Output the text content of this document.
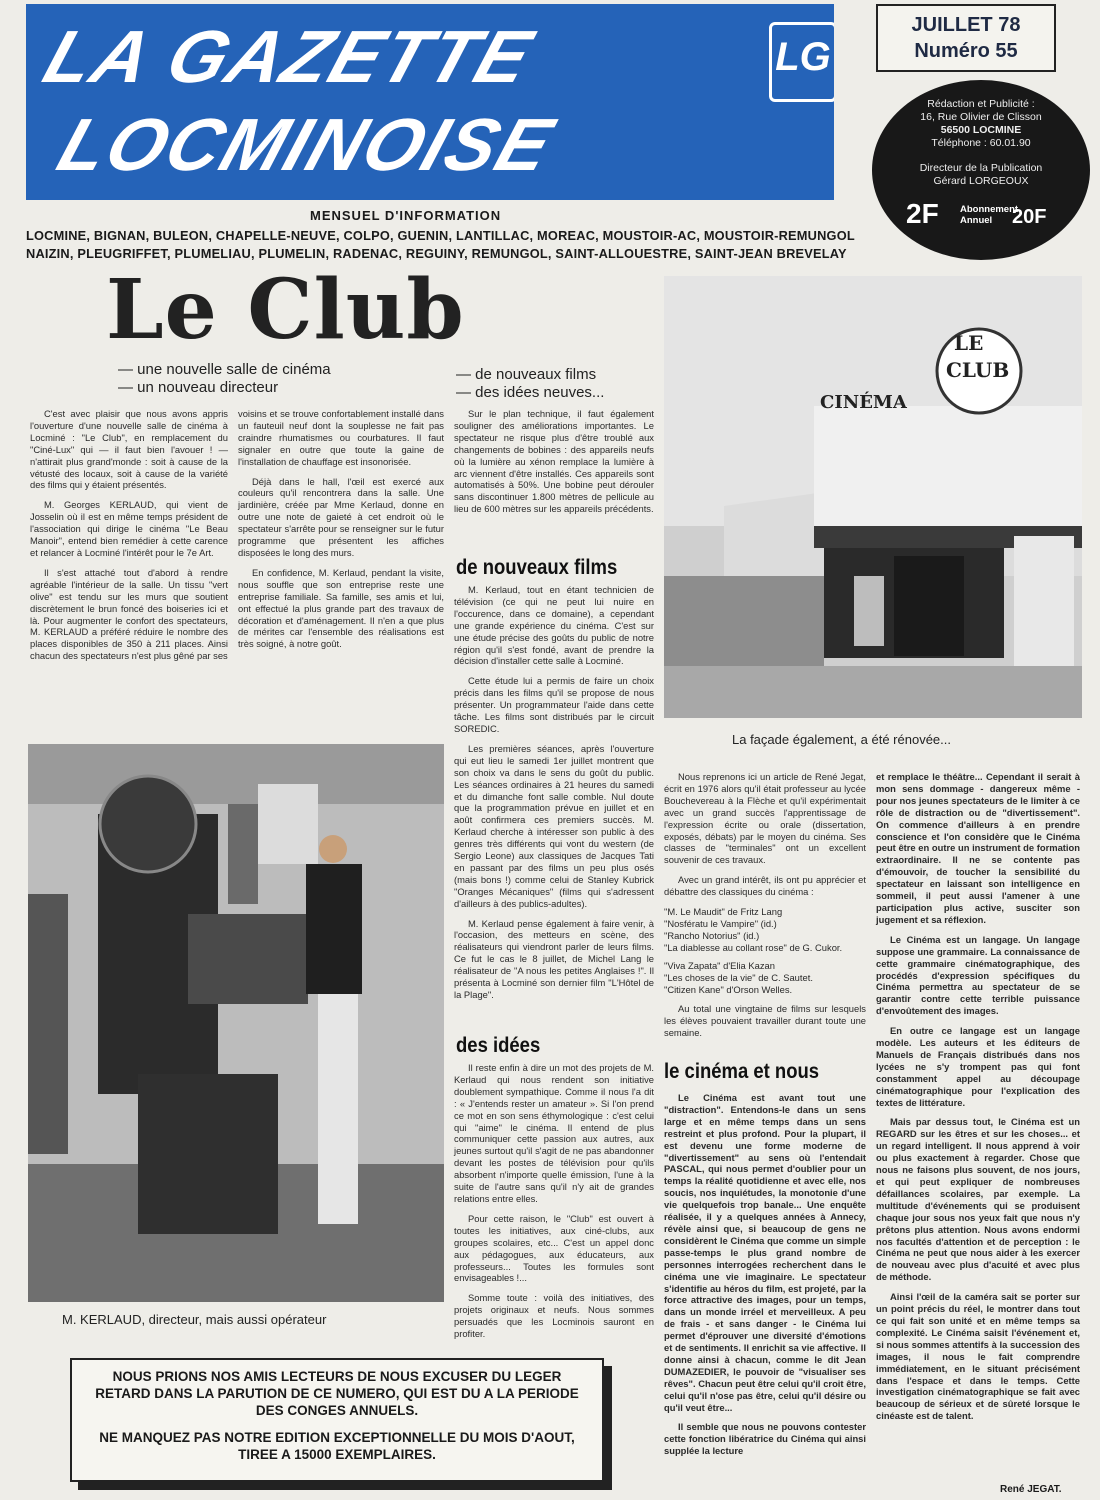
LA GAZETTE
LOCMINOISE
LG
JUILLET 78
Numéro 55
Rédaction et Publicité :
16, Rue Olivier de Clisson
56500 LOCMINE
Téléphone : 60.01.90
Directeur de la Publication
Gérard LORGEOUX
2F Abonnement Annuel 20F
MENSUEL D'INFORMATION
LOCMINE, BIGNAN, BULEON, CHAPELLE-NEUVE, COLPO, GUENIN, LANTILLAC, MOREAC, MOUSTOIR-AC, MOUSTOIR-REMUNGOL
NAIZIN, PLEUGRIFFET, PLUMELIAU, PLUMELIN, RADENAC, REGUINY, REMUNGOL, SAINT-ALLOUESTRE, SAINT-JEAN BREVELAY
Le Club
— une nouvelle salle de cinéma
— un nouveau directeur
— de nouveaux films
— des idées neuves...

C'est avec plaisir que nous avons appris l'ouverture d'une nouvelle salle de cinéma à Locminé : "Le Club", en remplacement du "Ciné-Lux" qui — il faut bien l'avouer ! — n'attirait plus grand'monde : soit à cause de la vétusté des locaux, soit à cause de la variété des films qui y étaient présentés.

M. Georges KERLAUD, qui vient de Josselin où il est en même temps président de l'association qui dirige le cinéma "Le Beau Manoir", entend bien remédier à cette carence et relancer à Locminé l'intérêt pour le 7e Art.

Il s'est attaché tout d'abord à rendre agréable l'intérieur de la salle. Un tissu "vert olive" est tendu sur les murs que soutient discrètement le brun foncé des boiseries ici et là. Pour augmenter le confort des spectateurs, M. KERLAUD a préféré réduire le nombre des places disponibles de 350 à 211 places. Ainsi chacun des spectateurs n'est plus gêné par ses

voisins et se trouve confortablement installé dans un fauteuil neuf dont la souplesse ne fait pas craindre rhumatismes ou courbatures. Il faut signaler en outre que toute la gaine de l'installation de chauffage est insonorisée.

Déjà dans le hall, l'œil est exercé aux couleurs qu'il rencontrera dans la salle. Une jardinière, créée par Mme Kerlaud, donne en outre une note de gaieté à cet endroit où le spectateur s'arrête pour se renseigner sur le futur programme que présentent les affiches disposées le long des murs.

En confidence, M. Kerlaud, pendant la visite, nous souffle que son entreprise reste une entreprise familiale. Sa famille, ses amis et lui, ont effectué la plus grande part des travaux de décoration et d'aménagement. Il n'en a que plus de mérites car l'ensemble des réalisations est très soigné, à notre goût.

Sur le plan technique, il faut également souligner des améliorations importantes. Le spectateur ne risque plus d'être troublé aux changements de bobines : des appareils neufs où la lumière au xénon remplace la lumière à arc viennent d'être installés. Ces appareils sont automatisés à 50%. Une bobine peut dérouler sans discontinuer 1.800 mètres de pellicule au lieu de 600 mètres sur les appareils précédents.

de nouveaux films

M. Kerlaud, tout en étant technicien de télévision (ce qui ne peut lui nuire en l'occurence, dans ce domaine), a cependant une grande expérience du cinéma. C'est sur une étude précise des goûts du public de notre région qu'il s'est fondé, avant de prendre la décision d'installer cette salle à Locminé.

Cette étude lui a permis de faire un choix précis dans les films qu'il se propose de nous présenter. Un programmateur l'aide dans cette tâche. Les films sont distribués par le circuit SOREDIC.

Les premières séances, après l'ouverture qui eut lieu le samedi 1er juillet montrent que son choix va dans le sens du goût du public. Les séances ordinaires à 21 heures du samedi et du dimanche font salle comble. Nul doute que la programmation prévue en juillet et en août confirmera ces premiers succès. M. Kerlaud cherche à intéresser son public à des genres très différents qui vont du western (de Sergio Leone) aux classiques de Jacques Tati en passant par des films un peu plus osés (mais bons !) comme celui de Stanley Kubrick "Oranges Mécaniques" (films qui s'adressent d'ailleurs à des publics-adultes).

M. Kerlaud pense également à faire venir, à l'occasion, des metteurs en scène, des réalisateurs qui viendront parler de leurs films. Ce fut le cas le 8 juillet, de Michel Lang le réalisateur de "A nous les petites Anglaises !". Il présenta à Locminé son dernier film "L'Hôtel de la Plage".

des idées

Il reste enfin à dire un mot des projets de M. Kerlaud qui nous rendent son initiative doublement sympathique. Comme il nous l'a dit : « J'entends rester un amateur ». Si l'on prend ce mot en son sens éthymologique : c'est celui qui "aime" le cinéma. Il entend de plus communiquer cette passion aux autres, aux jeunes surtout qu'il s'agit de ne pas abandonner devant les postes de télévision pour qu'ils absorbent n'importe quelle émission, l'une à la suite de l'autre sans qu'il n'y ait de grandes relations entre elles.

Pour cette raison, le "Club" est ouvert à toutes les initiatives, aux ciné-clubs, aux groupes scolaires, etc... C'est un appel donc aux pédagogues, aux éducateurs, aux professeurs... Toutes les formules sont envisageables !...

Somme toute : voilà des initiatives, des projets originaux et neufs. Nous sommes persuadés que les Locminois sauront en profiter.

LE
CLUB
CINÉMA
La façade également, a été rénovée...
M. KERLAUD, directeur, mais aussi opérateur

Nous reprenons ici un article de René Jegat, écrit en 1976 alors qu'il était professeur au lycée Bouchevereau à la Flèche et qu'il expérimentait avec un grand succès l'apprentissage de l'expression écrite ou orale (dissertation, exposés, débats) par le moyen du cinéma. Ses classes de "terminales" ont un excellent souvenir de ces travaux.

Avec un grand intérêt, ils ont pu apprécier et débattre des classiques du cinéma :

"M. Le Maudit" de Fritz Lang
"Nosfératu le Vampire" (id.)
"Rancho Notorius" (id.)
"La diablesse au collant rose" de G. Cukor.
"Viva Zapata" d'Elia Kazan
"Les choses de la vie" de C. Sautet.
"Citizen Kane" d'Orson Welles.

Au total une vingtaine de films sur lesquels les élèves pouvaient travailler durant toute une semaine.

le cinéma et nous

Le Cinéma est avant tout une "distraction". Entendons-le dans un sens large et en même temps dans un sens restreint et plus profond. Pour la plupart, il est devenu une forme moderne de "divertissement" au sens où l'entendait PASCAL, qui nous permet d'oublier pour un temps la réalité quotidienne et avec elle, nos soucis, nos inquiétudes, la monotonie d'une vie quelquefois trop banale... Une enquête réalisée, il y a quelques années à Annecy, révèle ainsi que, si beaucoup de gens ne considèrent le Cinéma que comme un simple passe-temps le plus grand nombre de personnes interrogées recherchent dans le cinéma une vie imaginaire. Le spectateur s'identifie au héros du film, est projeté, par la force attractive des images, pour un temps, dans un monde irréel et merveilleux. A peu de frais - et sans danger - le Cinéma lui permet d'éprouver une diversité d'émotions et de sentiments. Il enrichit sa vie affective. Il donne ainsi à chacun, comme le dit Jean DUMAZEDIER, le pouvoir de "visualiser ses rêves". Chacun peut être celui qu'il croit être, celui qu'il n'ose pas être, celui qu'il désire ou qu'il veut être...

Il semble que nous ne pouvons contester cette fonction libératrice du Cinéma qui ainsi supplée la lecture

et remplace le théâtre... Cependant il serait à mon sens dommage - dangereux même - pour nos jeunes spectateurs de le limiter à ce rôle de distraction ou de "divertissement". On commence d'ailleurs à en prendre conscience et l'on considère que le Cinéma peut être en outre un instrument de formation extraordinaire. Il ne se contente pas d'émouvoir, de toucher la sensibilité du spectateur en laissant son intelligence en sommeil, il peut aussi l'amener à une participation plus active, susciter son jugement et sa réflexion.

Le Cinéma est un langage. Un langage suppose une grammaire. La connaissance de cette grammaire cinématographique, des procédés d'expression spécifiques du Cinéma permettra au spectateur de se garantir contre cette terrible puissance d'envoûtement des images.

En outre ce langage est un langage modèle. Les auteurs et les éditeurs de Manuels de Français distribués dans nos lycées ne s'y trompent pas qui font constamment appel au découpage cinématographique pour l'explication des textes de littérature.

Mais par dessus tout, le Cinéma est un REGARD sur les êtres et sur les choses... et un regard intelligent. Il nous apprend à voir ou plus exactement à regarder. Chose que nous ne faisons plus souvent, de nos jours, et qui peut expliquer de nombreuses défaillances scolaires, par exemple. La multitude d'événements qui se produisent chaque jour sous nos yeux fait que nous n'y prêtons plus attention. Nous avons endormi nos facultés d'attention et de perception : le Cinéma ne peut que nous aider à les exercer de nouveau avec plus d'acuité et avec plus de méthode.

Ainsi l'œil de la caméra sait se porter sur un point précis du réel, le montrer dans tout ce qui fait son unité et en même temps sa complexité. Le Cinéma saisit l'événement et, si nous sommes attentifs à la succession des images, il nous le fait comprendre immédiatement, en le situant précisément dans l'espace et dans le temps. Cette investigation cinématographique se fait avec beaucoup de sérieux et de sûreté lorsque le cinéaste est de talent.

René JEGAT.
NOUS PRIONS NOS AMIS LECTEURS DE NOUS EXCUSER DU LEGER RETARD DANS LA PARUTION DE CE NUMERO, QUI EST DU A LA PERIODE DES CONGES ANNUELS.
NE MANQUEZ PAS NOTRE EDITION EXCEPTIONNELLE DU MOIS D'AOUT, TIREE A 15000 EXEMPLAIRES.
